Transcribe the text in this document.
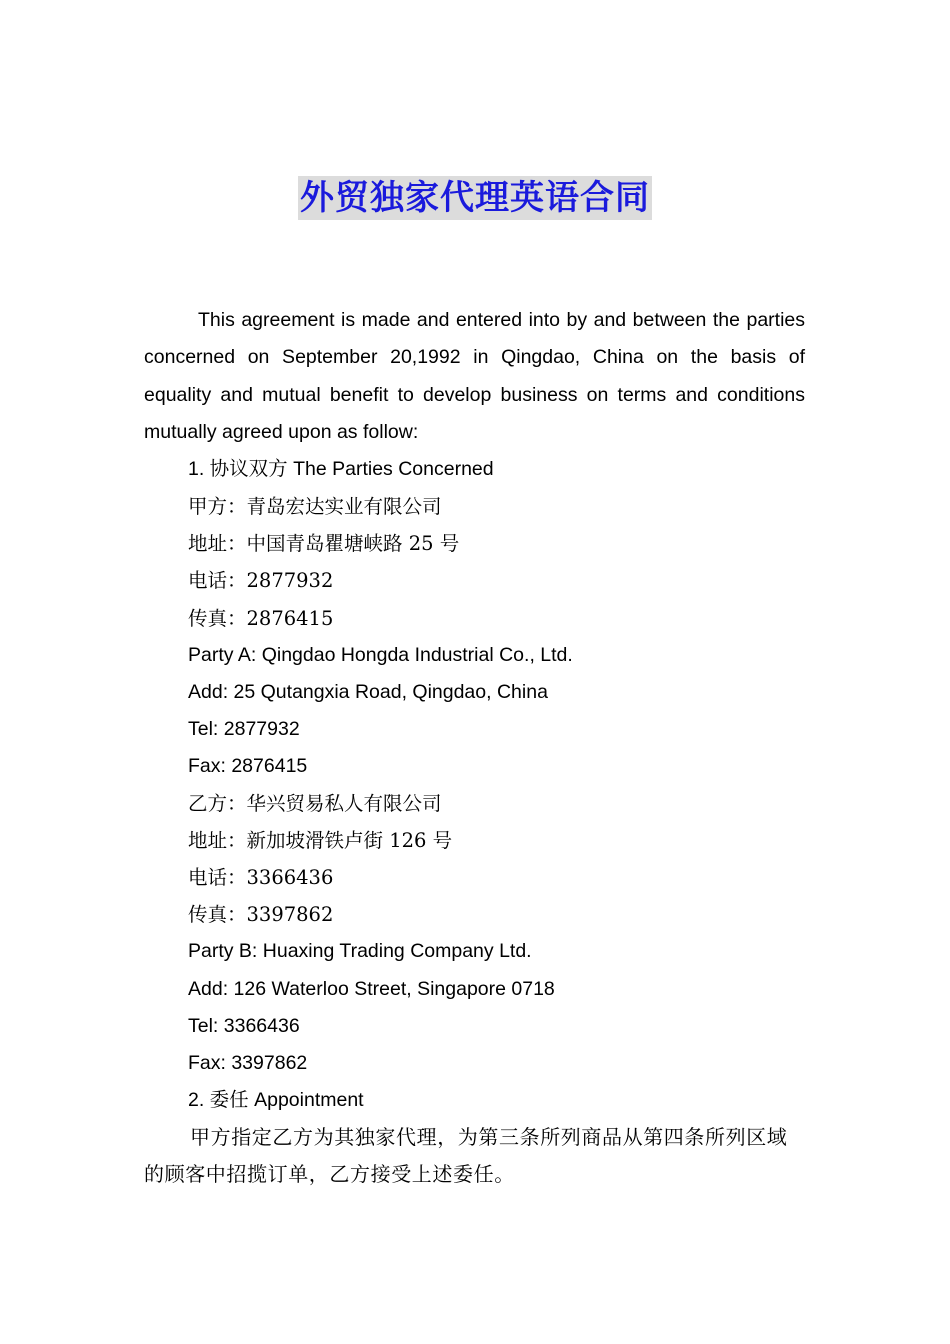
外贸独家代理英语合同

This agreement is made and entered into by and between the parties concerned on September 20,1992 in Qingdao, China on the basis of equality and mutual benefit to develop business on terms and conditions mutually agreed upon as follow:

1. 协议双方 The Parties Concerned

甲方：青岛宏达实业有限公司

地址：中国青岛瞿塘峡路 25 号

电话：2877932

传真：2876415

Party A: Qingdao Hongda Industrial Co., Ltd.

Add: 25 Qutangxia Road, Qingdao, China

Tel: 2877932

Fax: 2876415

乙方：华兴贸易私人有限公司

地址：新加坡滑铁卢街 126 号

电话：3366436

传真：3397862

Party B: Huaxing Trading Company Ltd.

Add: 126 Waterloo Street, Singapore 0718

Tel: 3366436

Fax: 3397862

2. 委任 Appointment

甲方指定乙方为其独家代理，为第三条所列商品从第四条所列区域的顾客中招揽订单，乙方接受上述委任。
